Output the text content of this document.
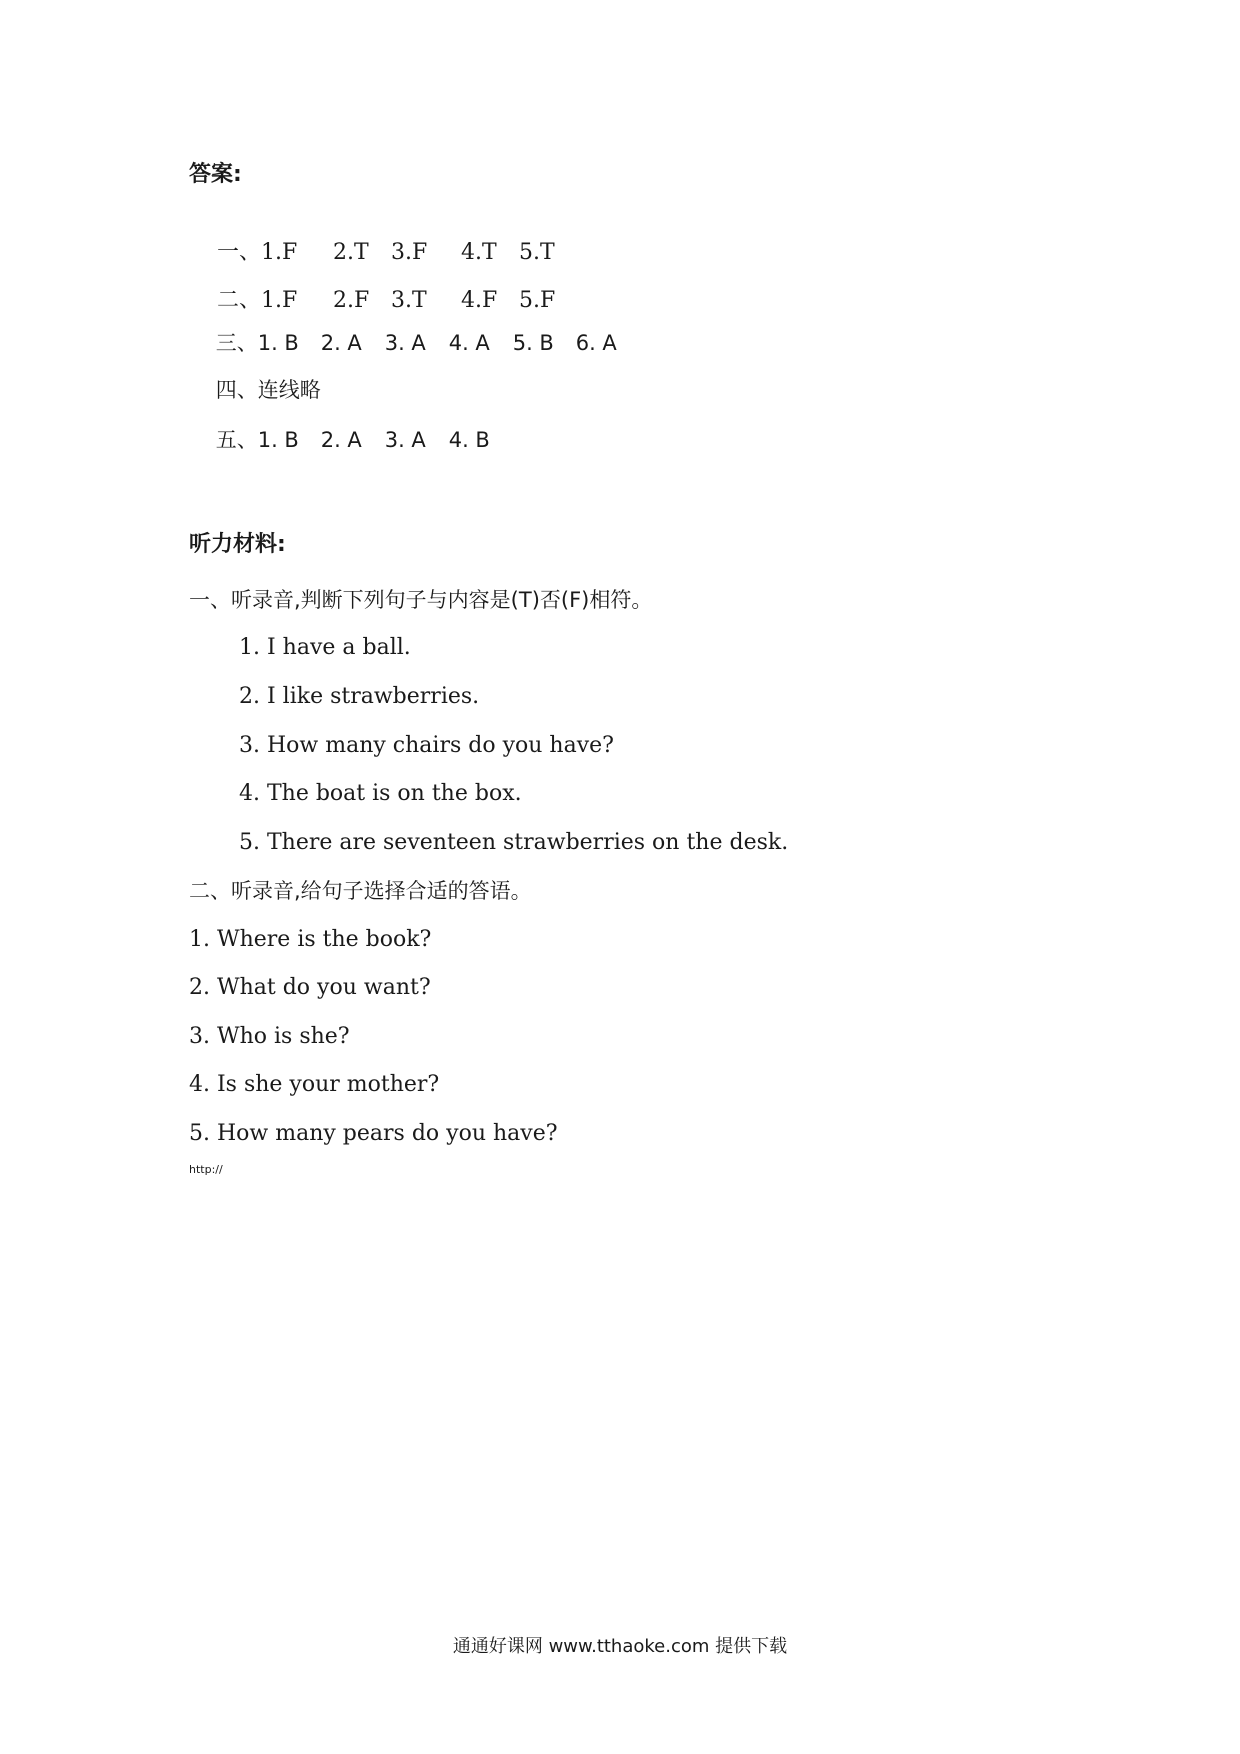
答案:

一、1.F 2.T 3.F 4.T 5.T

二、1.F 2.F 3.T 4.F 5.F

三、1. B 2. A 3. A 4. A 5. B 6. A

四、连线略

五、1. B 2. A 3. A 4. B

听力材料:
一、听录音,判断下列句子与内容是(T)否(F)相符。
1. I have a ball.
2. I like strawberries.
3. How many chairs do you have?
4. The boat is on the box.
5. There are seventeen strawberries on the desk.
二、听录音,给句子选择合适的答语。
1. Where is the book?
2. What do you want?
3. Who is she?
4. Is she your mother?
5. How many pears do you have?
http://
通通好课网 www.tthaoke.com 提供下载
